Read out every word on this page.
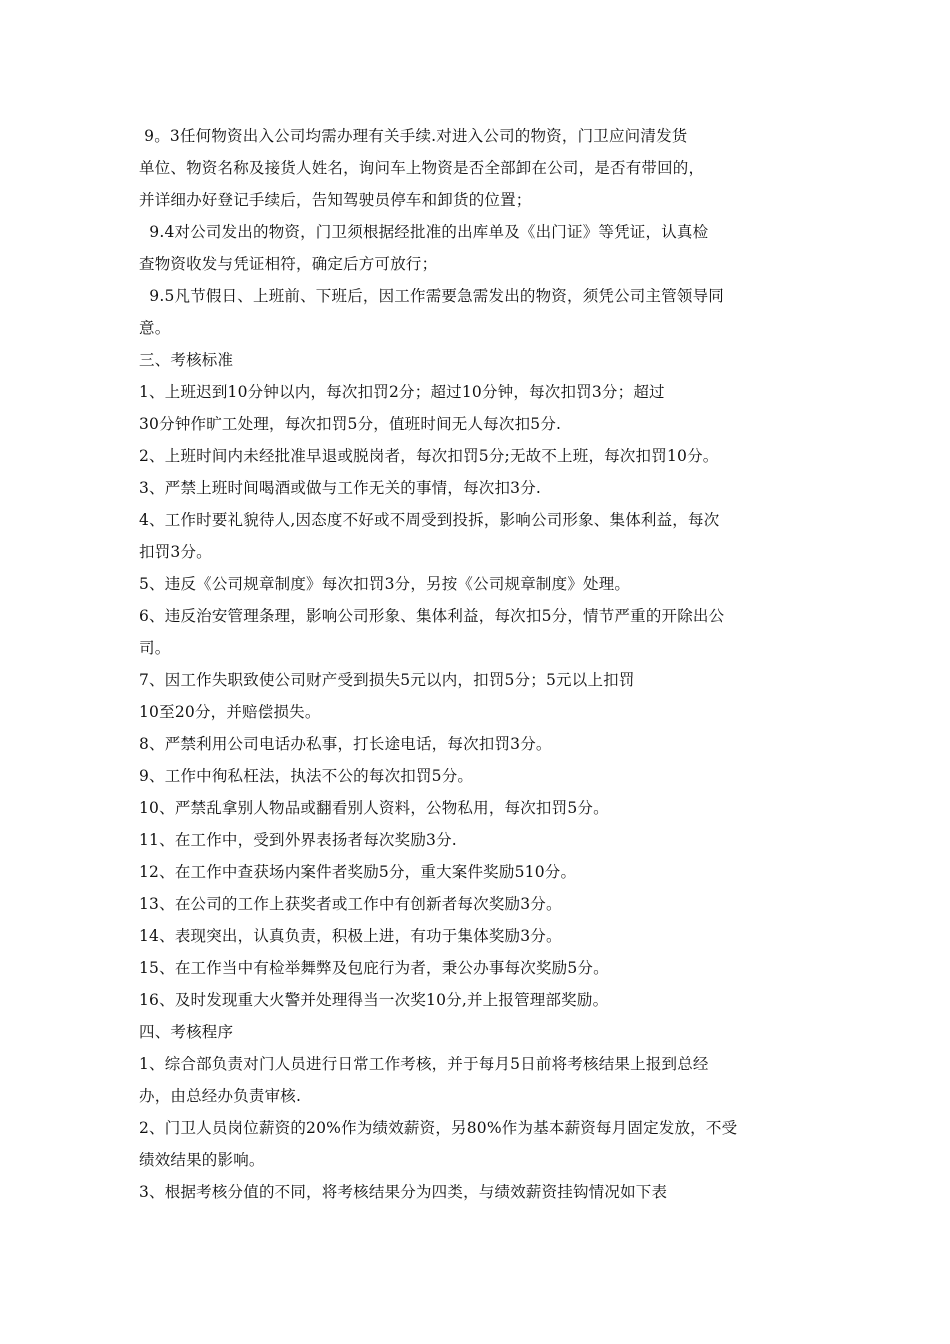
9。3任何物资出入公司均需办理有关手续.对进入公司的物资，门卫应问清发货
单位、物资名称及接货人姓名，询问车上物资是否全部卸在公司，是否有带回的，
并详细办好登记手续后，告知驾驶员停车和卸货的位置；
9.4对公司发出的物资，门卫须根据经批准的出库单及《出门证》等凭证，认真检
查物资收发与凭证相符，确定后方可放行；
9.5凡节假日、上班前、下班后，因工作需要急需发出的物资，须凭公司主管领导同
意。
三、考核标准
1、上班迟到10分钟以内，每次扣罚2分；超过10分钟，每次扣罚3分；超过
30分钟作旷工处理，每次扣罚5分，值班时间无人每次扣5分.
2、上班时间内未经批准早退或脱岗者，每次扣罚5分;无故不上班，每次扣罚10分。
3、严禁上班时间喝酒或做与工作无关的事情，每次扣3分.
4、工作时要礼貌待人,因态度不好或不周受到投拆，影响公司形象、集体利益，每次
扣罚3分。
5、违反《公司规章制度》每次扣罚3分，另按《公司规章制度》处理。
6、违反治安管理条理，影响公司形象、集体利益，每次扣5分，情节严重的开除出公
司。
7、因工作失职致使公司财产受到损失5元以内，扣罚5分；5元以上扣罚
10至20分，并赔偿损失。
8、严禁利用公司电话办私事，打长途电话，每次扣罚3分。
9、工作中徇私枉法，执法不公的每次扣罚5分。
10、严禁乱拿别人物品或翻看别人资料，公物私用，每次扣罚5分。
11、在工作中，受到外界表扬者每次奖励3分.
12、在工作中查获场内案件者奖励5分，重大案件奖励510分。
13、在公司的工作上获奖者或工作中有创新者每次奖励3分。
14、表现突出，认真负责，积极上进，有功于集体奖励3分。
15、在工作当中有检举舞弊及包庇行为者，秉公办事每次奖励5分。
16、及时发现重大火警并处理得当一次奖10分,并上报管理部奖励。
四、考核程序
1、综合部负责对门人员进行日常工作考核，并于每月5日前将考核结果上报到总经
办，由总经办负责审核.
2、门卫人员岗位薪资的20%作为绩效薪资，另80%作为基本薪资每月固定发放，不受
绩效结果的影响。
3、根据考核分值的不同，将考核结果分为四类，与绩效薪资挂钩情况如下表
